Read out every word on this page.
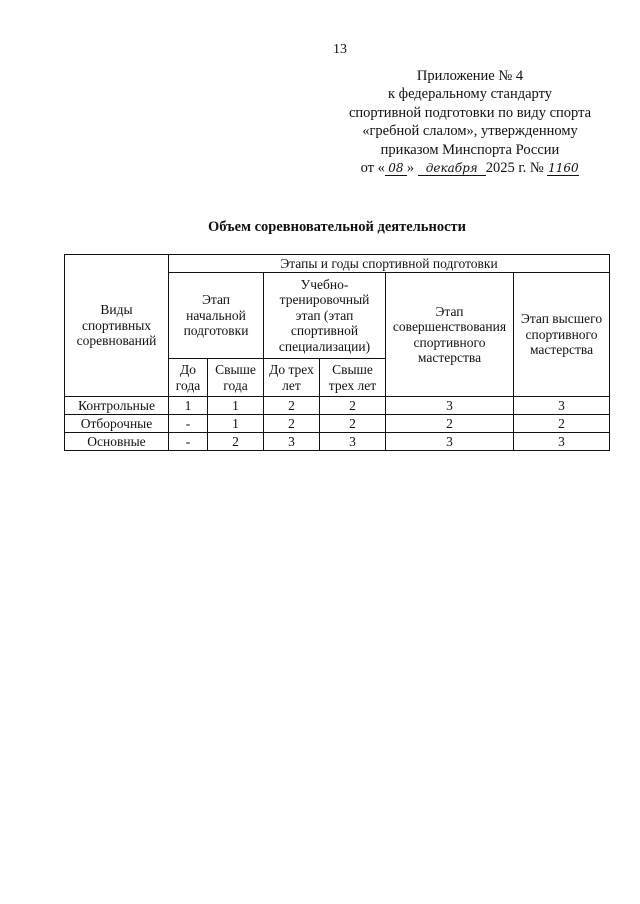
13
Приложение № 4
к федеральному стандарту
спортивной подготовки по виду спорта
«гребной слалом», утвержденному
приказом Минспорта России
от « 08 » декабря 2025 г. № 1160
Объем соревновательной деятельности
Виды спортивных соревнований	Этапы и годы спортивной подготовки					
	Этап начальной подготовки		Учебно-тренировочный этап (этап спортивной специализации)		Этап совершенствования спортивного мастерства	Этап высшего спортивного мастерства
	До года	Свыше года	До трех лет	Свыше трех лет		
Контрольные	1	1	2	2	3	3
Отборочные	-	1	2	2	2	2
Основные	-	2	3	3	3	3
